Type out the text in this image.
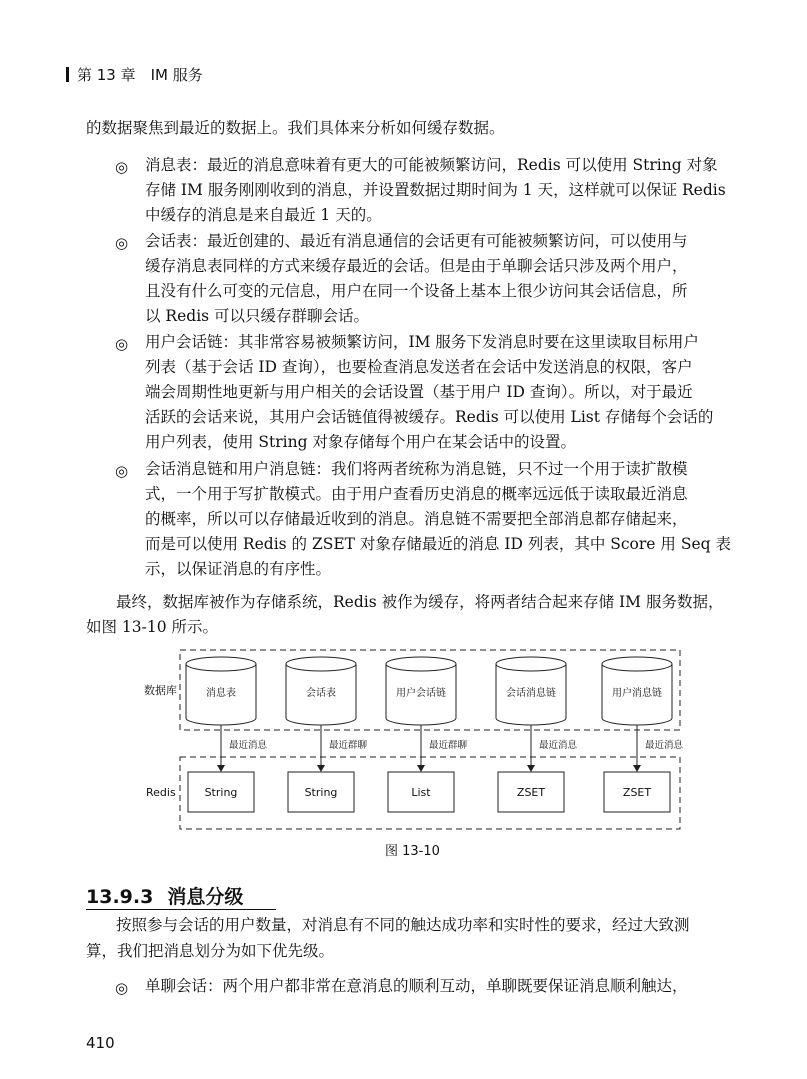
第 13 章　IM 服务
的数据聚焦到最近的数据上。我们具体来分析如何缓存数据。
◎ 消息表：最近的消息意味着有更大的可能被频繁访问，Redis 可以使用 String 对象
存储 IM 服务刚刚收到的消息，并设置数据过期时间为 1 天，这样就可以保证 Redis
中缓存的消息是来自最近 1 天的。
◎ 会话表：最近创建的、最近有消息通信的会话更有可能被频繁访问，可以使用与
缓存消息表同样的方式来缓存最近的会话。但是由于单聊会话只涉及两个用户，
且没有什么可变的元信息，用户在同一个设备上基本上很少访问其会话信息，所
以 Redis 可以只缓存群聊会话。
◎ 用户会话链：其非常容易被频繁访问，IM 服务下发消息时要在这里读取目标用户
列表（基于会话 ID 查询），也要检查消息发送者在会话中发送消息的权限，客户
端会周期性地更新与用户相关的会话设置（基于用户 ID 查询）。所以，对于最近
活跃的会话来说，其用户会话链值得被缓存。Redis 可以使用 List 存储每个会话的
用户列表，使用 String 对象存储每个用户在某会话中的设置。
◎ 会话消息链和用户消息链：我们将两者统称为消息链，只不过一个用于读扩散模
式，一个用于写扩散模式。由于用户查看历史消息的概率远远低于读取最近消息
的概率，所以可以存储最近收到的消息。消息链不需要把全部消息都存储起来，
而是可以使用 Redis 的 ZSET 对象存储最近的消息 ID 列表，其中 Score 用 Seq 表
示，以保证消息的有序性。
最终，数据库被作为存储系统，Redis 被作为缓存，将两者结合起来存储 IM 服务数据，
如图 13-10 所示。
数据库
Redis
消息表
最近消息
String
会话表
最近群聊
String
用户会话链
最近群聊
List
会话消息链
最近消息
ZSET
用户消息链
最近消息
ZSET
图 13-10
13.9.3 消息分级
按照参与会话的用户数量，对消息有不同的触达成功率和实时性的要求，经过大致测
算，我们把消息划分为如下优先级。
◎ 单聊会话：两个用户都非常在意消息的顺利互动，单聊既要保证消息顺利触达，
410
